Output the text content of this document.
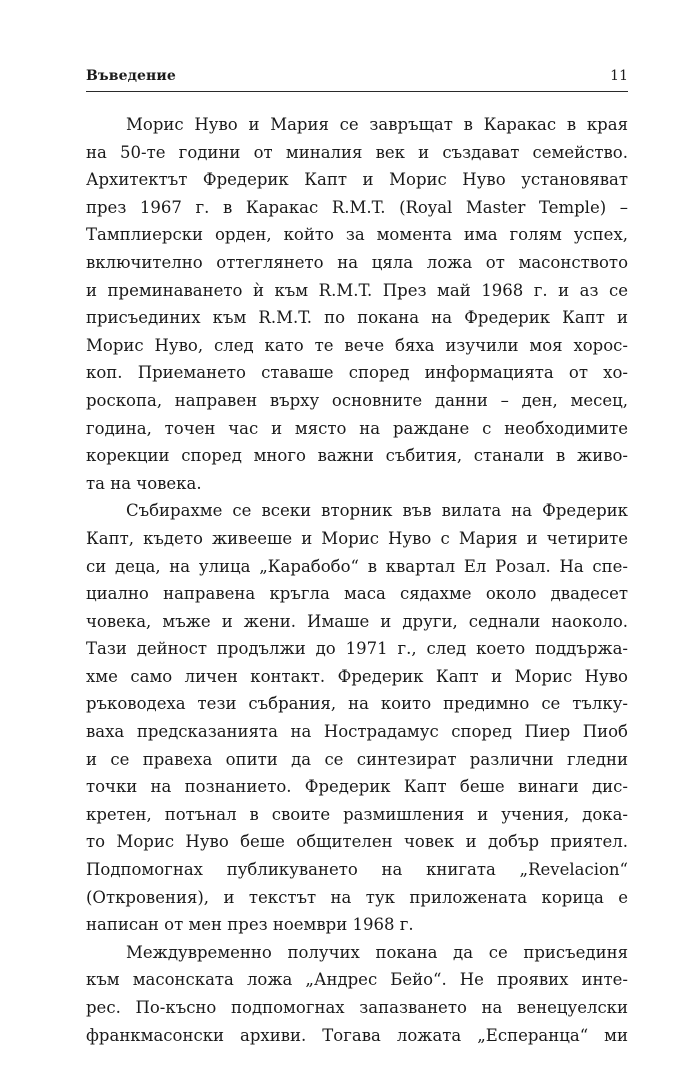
Въведение	11
Морис Нуво и Мария се завръщат в Каракас в края
на 50-те години от миналия век и създават семейство.
Архитектът Фредерик Капт и Морис Нуво установяват
през 1967 г. в Каракас R.M.T. (Royal Master Temple) –
Тамплиерски орден, който за момента има голям успех,
включително оттеглянето на цяла ложа от масонството
и преминаването ѝ към R.M.T. През май 1968 г. и аз се
присъединих към R.M.T. по покана на Фредерик Капт и
Морис Нуво, след като те вече бяха изучили моя хорос-
коп. Приемането ставаше според информацията от хо-
роскопа, направен върху основните данни – ден, месец,
година, точен час и място на раждане с необходимите
корекции според много важни събития, станали в живо-
та на човека.
Събирахме се всеки вторник във вилата на Фредерик
Капт, където живееше и Морис Нуво с Мария и четирите
си деца, на улица „Карабобо“ в квартал Ел Розал. На спе-
циално направена кръгла маса сядахме около двадесет
човека, мъже и жени. Имаше и други, седнали наоколо.
Тази дейност продължи до 1971 г., след което поддържа-
хме само личен контакт. Фредерик Капт и Морис Нуво
ръководеха тези събрания, на които предимно се тълку-
ваха предсказанията на Нострадамус според Пиер Пиоб
и се правеха опити да се синтезират различни гледни
точки на познанието. Фредерик Капт беше винаги дис-
кретен, потънал в своите размишления и учения, дока-
то Морис Нуво беше общителен човек и добър приятел.
Подпомогнах публикуването на книгата „Revelacion“
(Откровения), и текстът на тук приложената корица е
написан от мен през ноември 1968 г.
Междувременно получих покана да се присъединя
към масонската ложа „Андрес Бейо“. Не проявих инте-
рес. По-късно подпомогнах запазването на венецуелски
франкмасонски архиви. Тогава ложата „Есперанца“ ми
